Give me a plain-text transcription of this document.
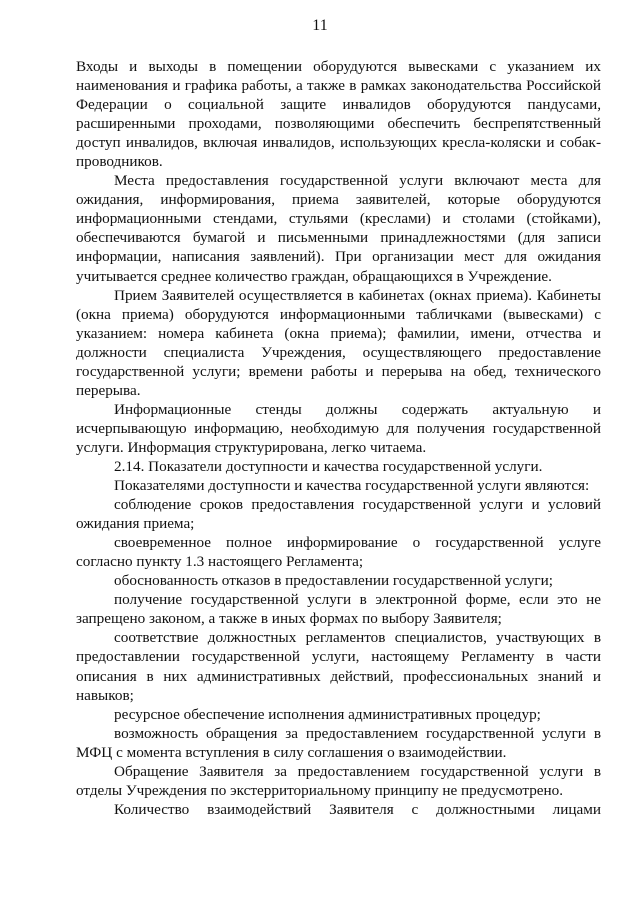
11

Входы и выходы в помещении оборудуются вывесками с указанием их наименования и графика работы, а также в рамках законодательства Российской Федерации о социальной защите инвалидов оборудуются пандусами, расширенными проходами, позволяющими обеспечить беспрепятственный доступ инвалидов, включая инвалидов, использующих кресла-коляски и собак-проводников.

Места предоставления государственной услуги включают места для ожидания, информирования, приема заявителей, которые оборудуются информационными стендами, стульями (креслами) и столами (стойками), обеспечиваются бумагой и письменными принадлежностями (для записи информации, написания заявлений). При организации мест для ожидания учитывается среднее количество граждан, обращающихся в Учреждение.

Прием Заявителей осуществляется в кабинетах (окнах приема). Кабинеты (окна приема) оборудуются информационными табличками (вывесками) с указанием: номера кабинета (окна приема); фамилии, имени, отчества и должности специалиста Учреждения, осуществляющего предоставление государственной услуги; времени работы и перерыва на обед, технического перерыва.

Информационные стенды должны содержать актуальную и исчерпывающую информацию, необходимую для получения государственной услуги. Информация структурирована, легко читаема.

2.14. Показатели доступности и качества государственной услуги.

Показателями доступности и качества государственной услуги являются:

соблюдение сроков предоставления государственной услуги и условий ожидания приема;

своевременное полное информирование о государственной услуге согласно пункту 1.3 настоящего Регламента;

обоснованность отказов в предоставлении государственной услуги;

получение государственной услуги в электронной форме, если это не запрещено законом, а также в иных формах по выбору Заявителя;

соответствие должностных регламентов специалистов, участвующих в предоставлении государственной услуги, настоящему Регламенту в части описания в них административных действий, профессиональных знаний и навыков;

ресурсное обеспечение исполнения административных процедур;

возможность обращения за предоставлением государственной услуги в МФЦ с момента вступления в силу соглашения о взаимодействии.

Обращение Заявителя за предоставлением государственной услуги в отделы Учреждения по экстерриториальному принципу не предусмотрено.

Количество взаимодействий Заявителя с должностными лицами
